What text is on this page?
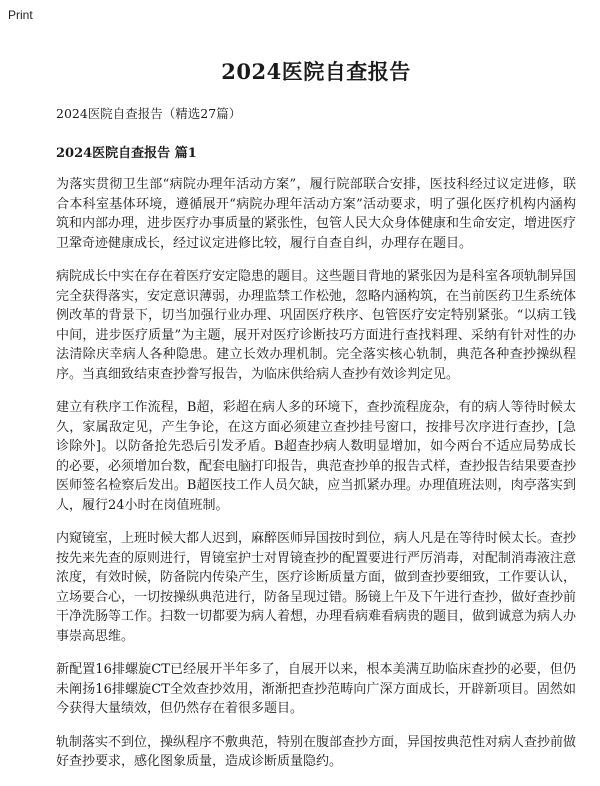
Print
2024医院自查报告
2024医院自查报告（精选27篇）
2024医院自查报告 篇1

为落实贯彻卫生部“病院办理年活动方案”，履行院部联合安排，医技科经过议定进修，联合本科室基体环境，遵循展开“病院办理年活动方案”活动要求，明了强化医疗机构内涵构筑和内部办理，进步医疗办事质量的紧张性，包管人民大众身体健康和生命安定，增进医疗卫鞏奇迹健康成长，经过议定进修比较，履行自查自纠，办理存在题目。

病院成长中实在存在着医疗安定隐患的题目。这些题目背地的紧张因为是科室各项轨制异国完全获得落实，安定意识薄弱，办理监禁工作松弛，忽略内涵构筑，在当前医药卫生系统体例改革的背景下，切当加强行业办理、巩固医疗秩序、包管医疗安定特别紧张。“以病工钱中间，进步医疗质量”为主题，展开对医疗诊断技巧方面进行查找料理、采纳有针对性的办法清除庆幸病人各种隐患。建立长效办理机制。完全落实核心轨制，典范各种查抄操纵程序。当真细致结束查抄誊写报告，为临床供给病人查抄有效诊判定见。

建立有秩序工作流程，B超，彩超在病人多的环境下，查抄流程庞杂，有的病人等待时候太久，家属敌定见，产生争论，在这方面必须建立查抄挂号窗口，按排号次序进行查抄，[急诊除外]。以防备抢先恐后引发矛盾。B超查抄病人数明显增加，如今两台不适应局势成长的必要，必须增加台数，配套电脑打印报告，典范查抄单的报告式样，查抄报告结果要查抄医师签名检察后发出。B超医技工作人员欠缺，应当抓紧办理。办理值班法则，肉亭落实到人，履行24小时在岗值班制。

内窥镜室，上班时候大都人迟到，麻醉医师异国按时到位，病人凡是在等待时候太长。查抄按先来先查的原则进行，胃镜室护士对胃镜查抄的配置要进行严厉消毒，对配制消毒液注意浓度，有效时候，防备院内传染产生，医疗诊断质量方面，做到查抄要细致，工作要认认，立场要合心，一切按操纵典范进行，防备呈现过错。肠镜上午及下午进行查抄，做好查抄前干净洗肠等工作。扫数一切都要为病人着想，办理看病难看病贵的题目，做到诚意为病人办事崇高思维。

新配置16排螺旋CT已经展开半年多了，自展开以来，根本美满互助临床查抄的必要，但仍未阐扬16排螺旋CT全效查抄效用，渐渐把查抄范畴向广深方面成长，开辟新项目。固然如今获得大量绩效，但仍然存在着很多题目。

轨制落实不到位，操纵程序不敷典范，特别在腹部查抄方面，异国按典范性对病人查抄前做好查抄要求，感化图象质量，造成诊断质量隐约。
